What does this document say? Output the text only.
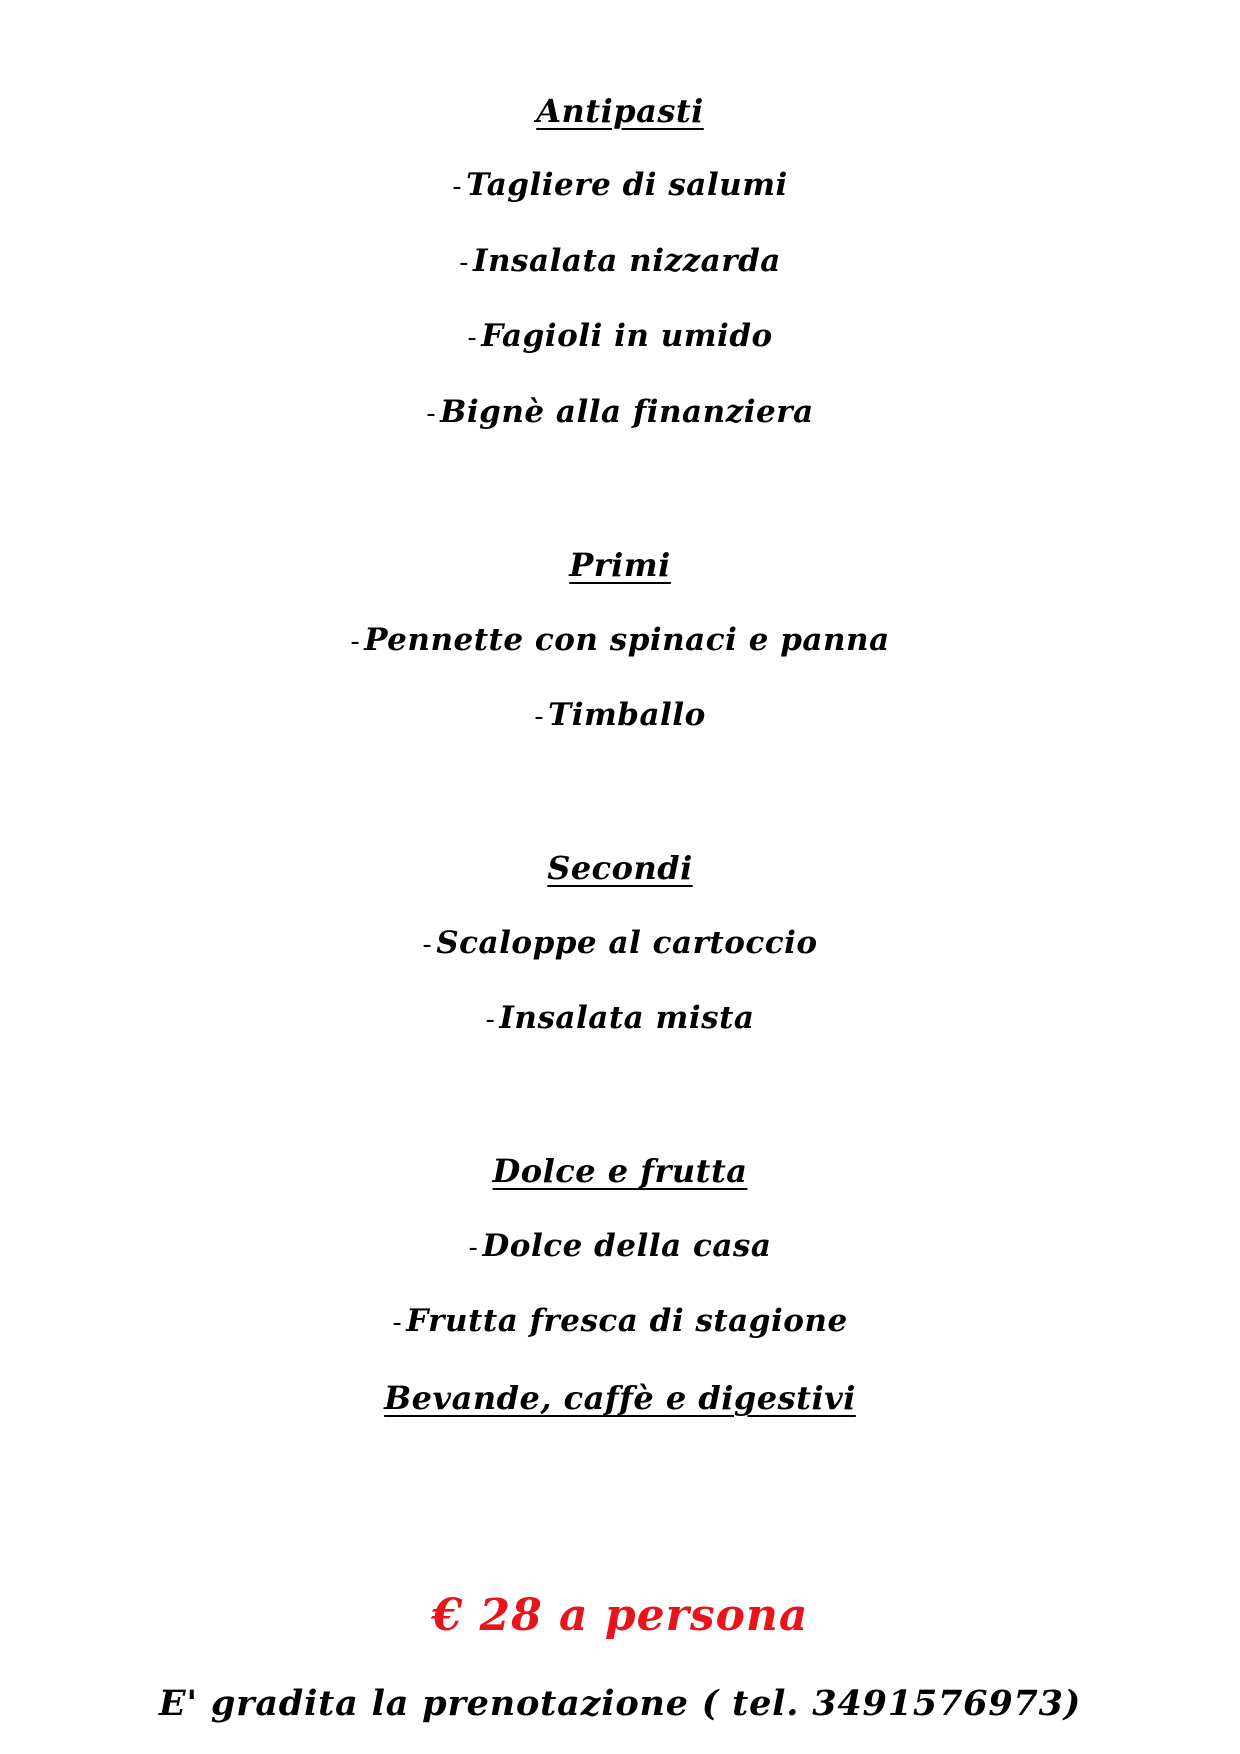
Antipasti
- Tagliere di salumi
- Insalata nizzarda
- Fagioli in umido
- Bignè alla finanziera
Primi
- Pennette con spinaci e panna
- Timballo
Secondi
- Scaloppe al cartoccio
- Insalata mista
Dolce e frutta
- Dolce della casa
- Frutta fresca di stagione
Bevande, caffè e digestivi
€ 28 a persona
E' gradita la prenotazione ( tel. 3491576973)
